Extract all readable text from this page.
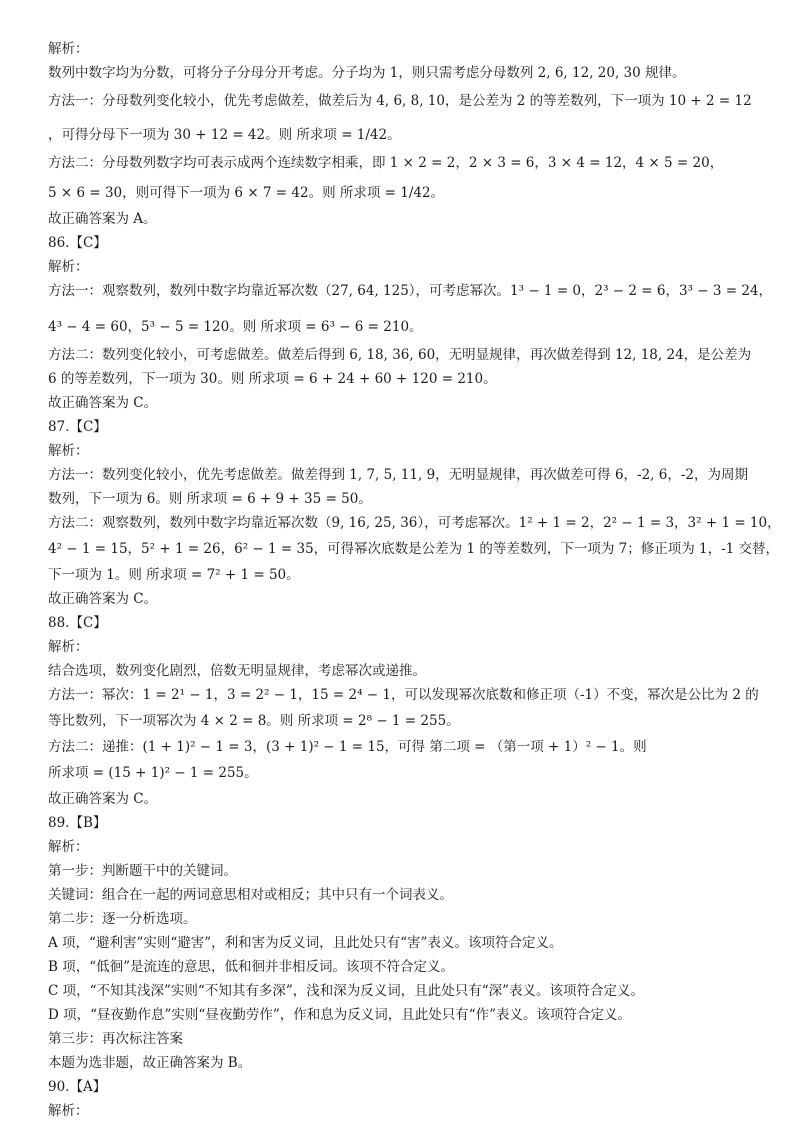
解析：
数列中数字均为分数，可将分子分母分开考虑。分子均为 1，则只需考虑分母数列 2, 6, 12, 20, 30 规律。
方法一：分母数列变化较小，优先考虑做差，做差后为 4, 6, 8, 10，是公差为 2 的等差数列，下一项为 10 + 2 = 12
，可得分母下一项为 30 + 12 = 42。则 所求项 = 1/42。
方法二：分母数列数字均可表示成两个连续数字相乘，即 1 × 2 = 2，2 × 3 = 6，3 × 4 = 12，4 × 5 = 20，
5 × 6 = 30，则可得下一项为 6 × 7 = 42。则 所求项 = 1/42。
故正确答案为 A。
86.【C】
解析：
方法一：观察数列，数列中数字均靠近幂次数（27, 64, 125），可考虑幂次。1³ − 1 = 0，2³ − 2 = 6，3³ − 3 = 24，
4³ − 4 = 60，5³ − 5 = 120。则 所求项 = 6³ − 6 = 210。
方法二：数列变化较小，可考虑做差。做差后得到 6, 18, 36, 60，无明显规律，再次做差得到 12, 18, 24，是公差为
6 的等差数列，下一项为 30。则 所求项 = 6 + 24 + 60 + 120 = 210。
故正确答案为 C。
87.【C】
解析：
方法一：数列变化较小，优先考虑做差。做差得到 1, 7, 5, 11, 9，无明显规律，再次做差可得 6，-2, 6，-2，为周期
数列，下一项为 6。则 所求项 = 6 + 9 + 35 = 50。
方法二：观察数列，数列中数字均靠近幂次数（9, 16, 25, 36），可考虑幂次。1² + 1 = 2，2² − 1 = 3，3² + 1 = 10，
4² − 1 = 15，5² + 1 = 26，6² − 1 = 35，可得幂次底数是公差为 1 的等差数列，下一项为 7；修正项为 1，-1 交替，
下一项为 1。则 所求项 = 7² + 1 = 50。
故正确答案为 C。
88.【C】
解析：
结合选项，数列变化剧烈，倍数无明显规律，考虑幂次或递推。
方法一：幂次：1 = 2¹ − 1，3 = 2² − 1，15 = 2⁴ − 1，可以发现幂次底数和修正项（-1）不变，幂次是公比为 2 的
等比数列，下一项幂次为 4 × 2 = 8。则 所求项 = 2⁸ − 1 = 255。
方法二：递推：(1 + 1)² − 1 = 3，(3 + 1)² − 1 = 15，可得 第二项 = （第一项 + 1）² − 1。则
所求项 = (15 + 1)² − 1 = 255。
故正确答案为 C。
89.【B】
解析：
第一步：判断题干中的关键词。
关键词：组合在一起的两词意思相对或相反；其中只有一个词表义。
第二步：逐一分析选项。
A 项，“避利害”实则“避害”，利和害为反义词，且此处只有“害”表义。该项符合定义。
B 项，“低徊”是流连的意思，低和徊并非相反词。该项不符合定义。
C 项，“不知其浅深”实则“不知其有多深”，浅和深为反义词，且此处只有“深”表义。该项符合定义。
D 项，“昼夜勤作息”实则“昼夜勤劳作”，作和息为反义词，且此处只有“作”表义。该项符合定义。
第三步：再次标注答案
本题为选非题，故正确答案为 B。
90.【A】
解析：
